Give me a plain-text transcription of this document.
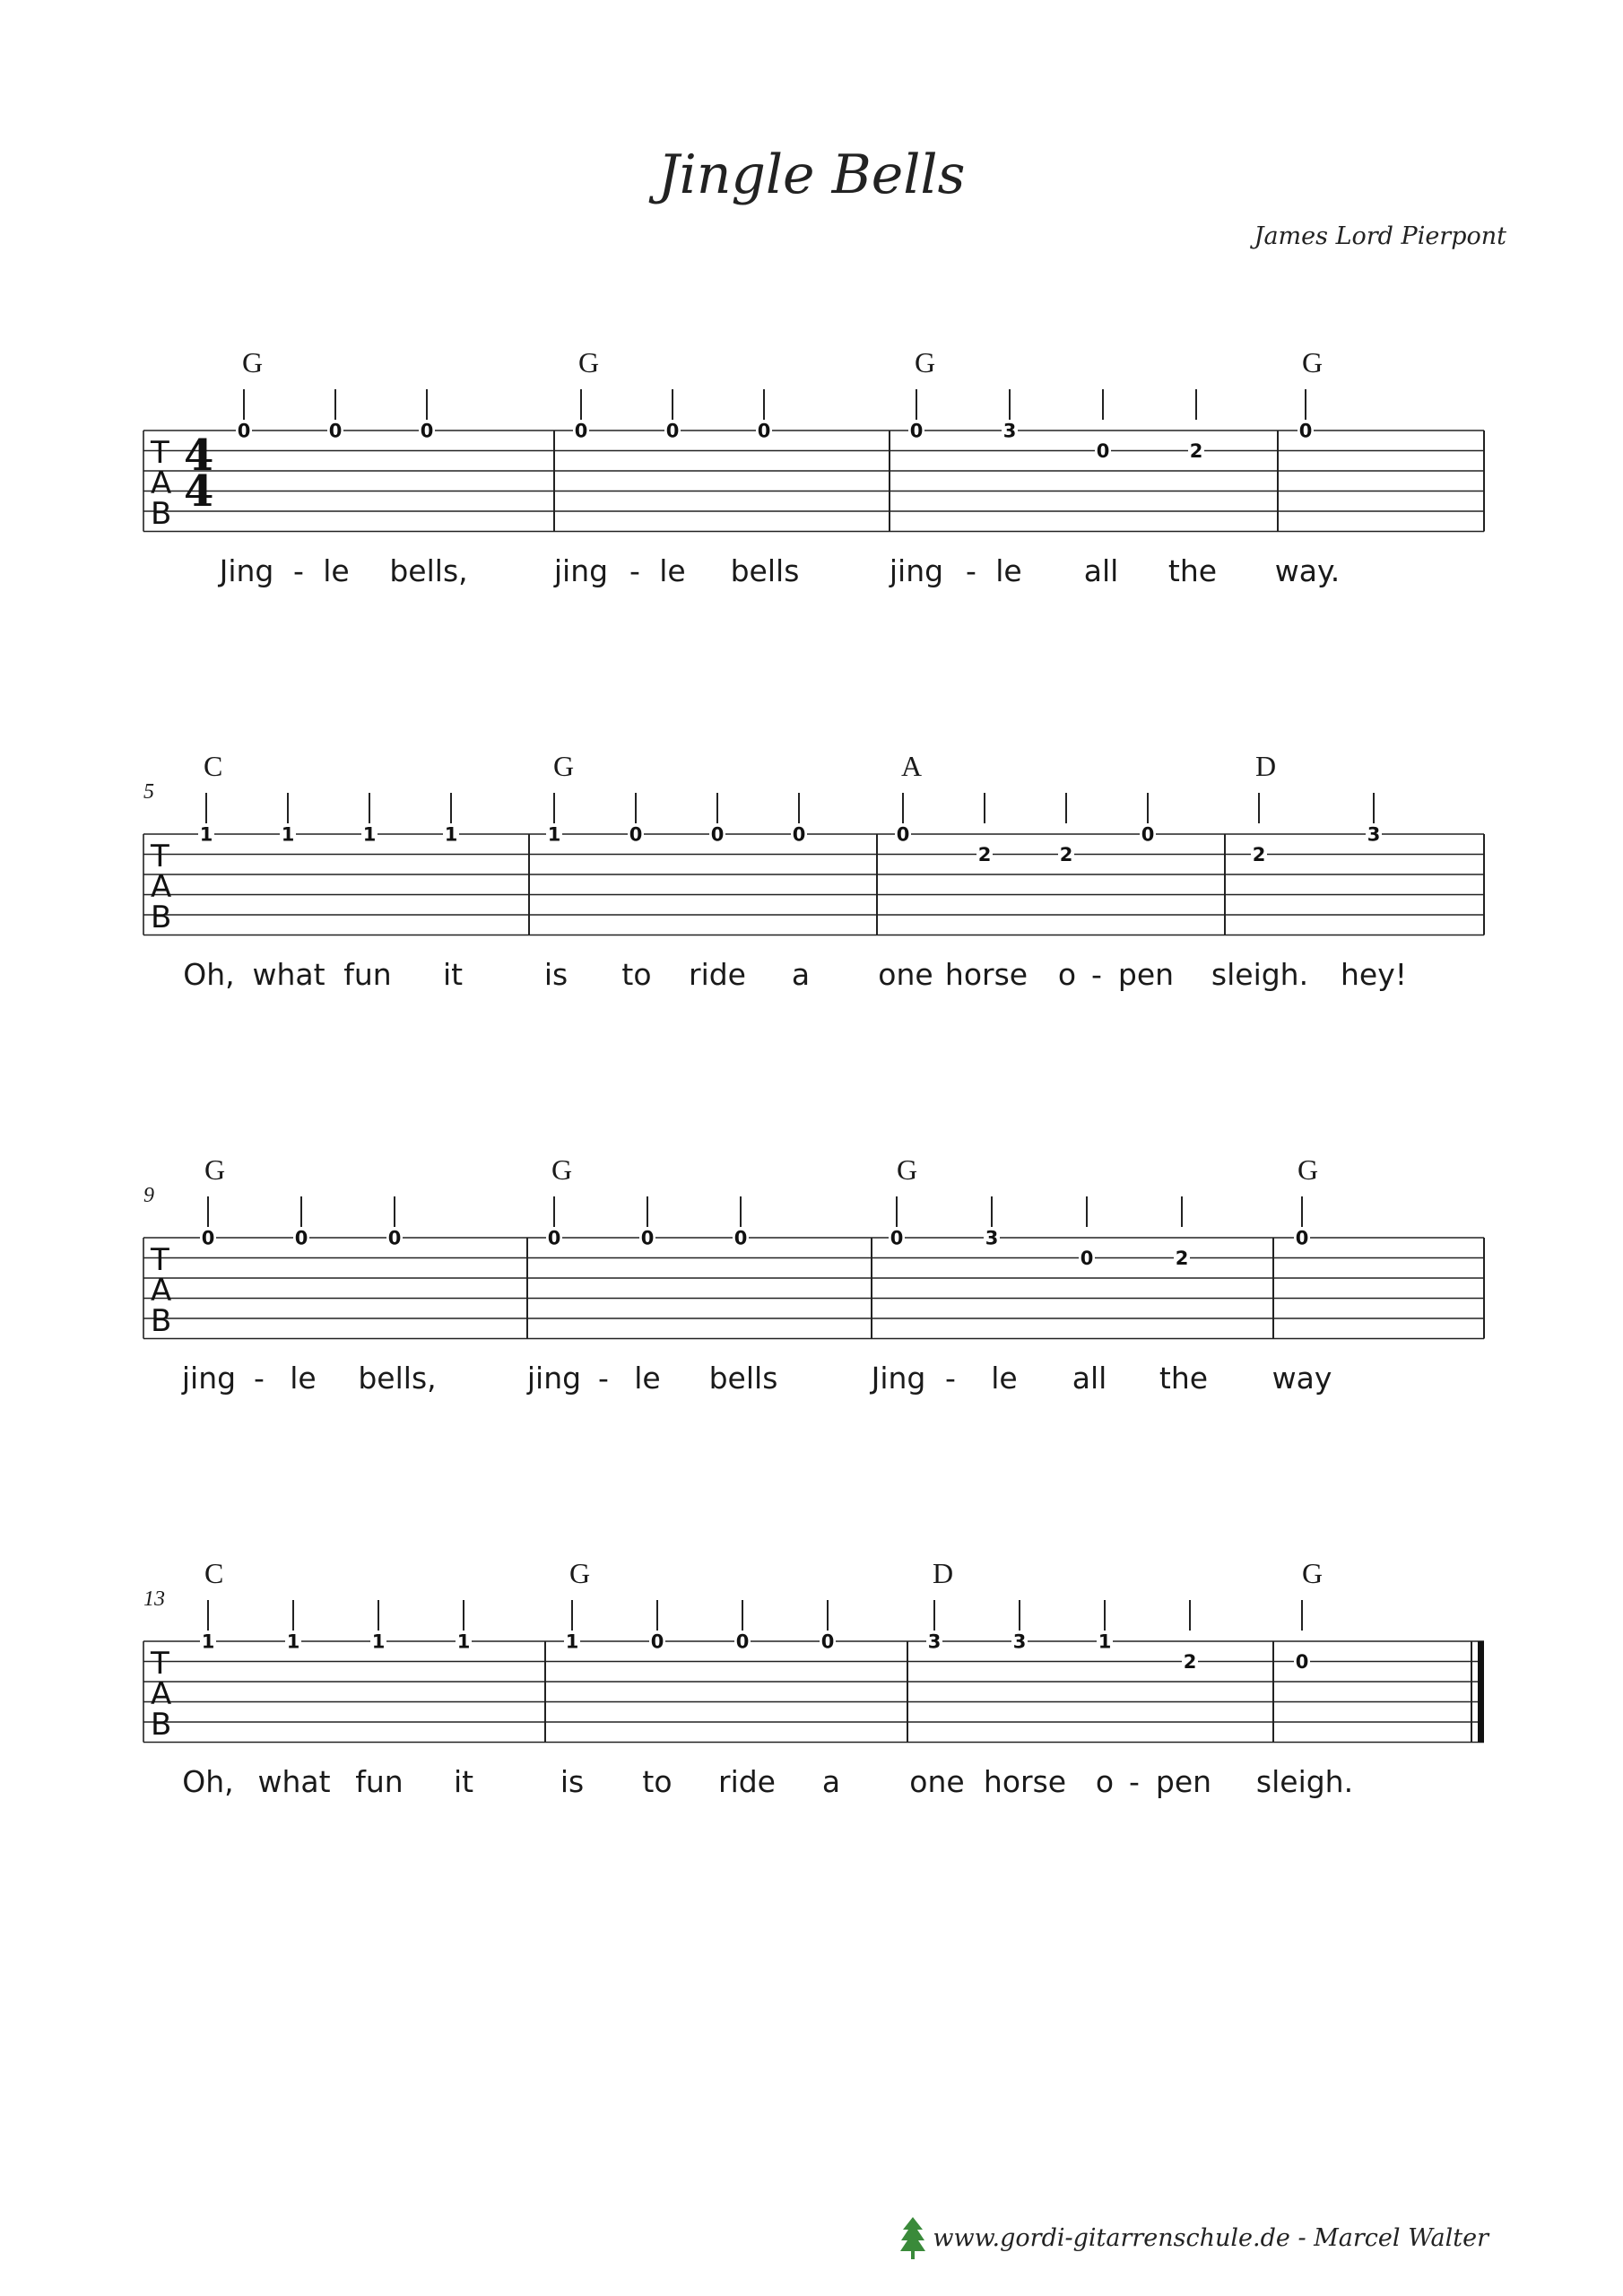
Jingle Bells
James Lord Pierpont
T
A
B
4
4
G
0	0	0
Jing - le bells,
G
0	0	0
jing - le bells
G
0	3
0	2
jing - le all the
G
0
way.
T
A
B
5
C
1	1	1	1
Oh, what fun it
G
1	0	0	0
is to ride a
A
0
2	2
0
one horse o - pen
D
2
3
sleigh. hey!
T
A
B
9
G
0	0	0
jing - le bells,
G
0	0	0
jing - le bells
G
0	3
0	2
Jing - le all the
G
0
way
T
A
B
13
C
1	1	1	1
Oh, what fun it
G
1	0	0	0
is to ride a
D
3	3	1
2
one horse o - pen
G
0
sleigh.
www.gordi-gitarrenschule.de - Marcel Walter
